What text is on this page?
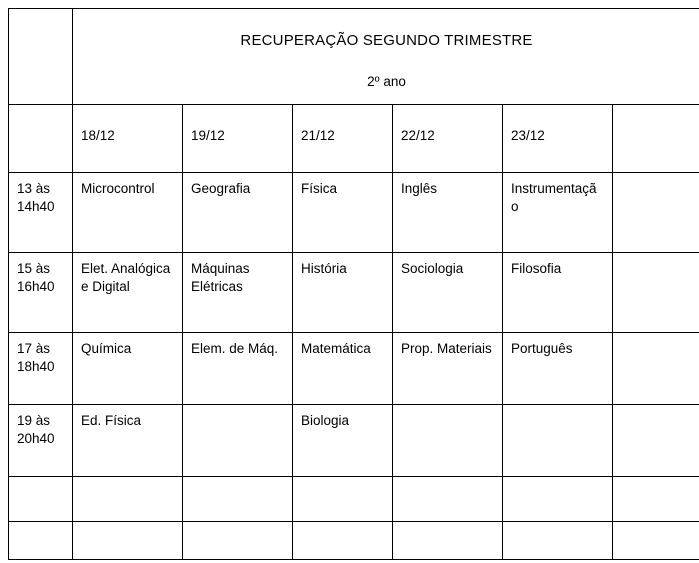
	RECUPERAÇÃO SEGUNDO TRIMESTRE
2º ano					

	18/12	19/12	21/12	22/12	23/12	
13 às 14h40	Microcontrol	Geografia	Física	Inglês	Instrumentação	
15 às 16h40	Elet. Analógica e Digital	Máquinas Elétricas	História	Sociologia	Filosofia	
17 às 18h40	Química	Elem. de Máq.	Matemática	Prop. Materiais	Português	
19 às 20h40	Ed. Física		Biologia			
